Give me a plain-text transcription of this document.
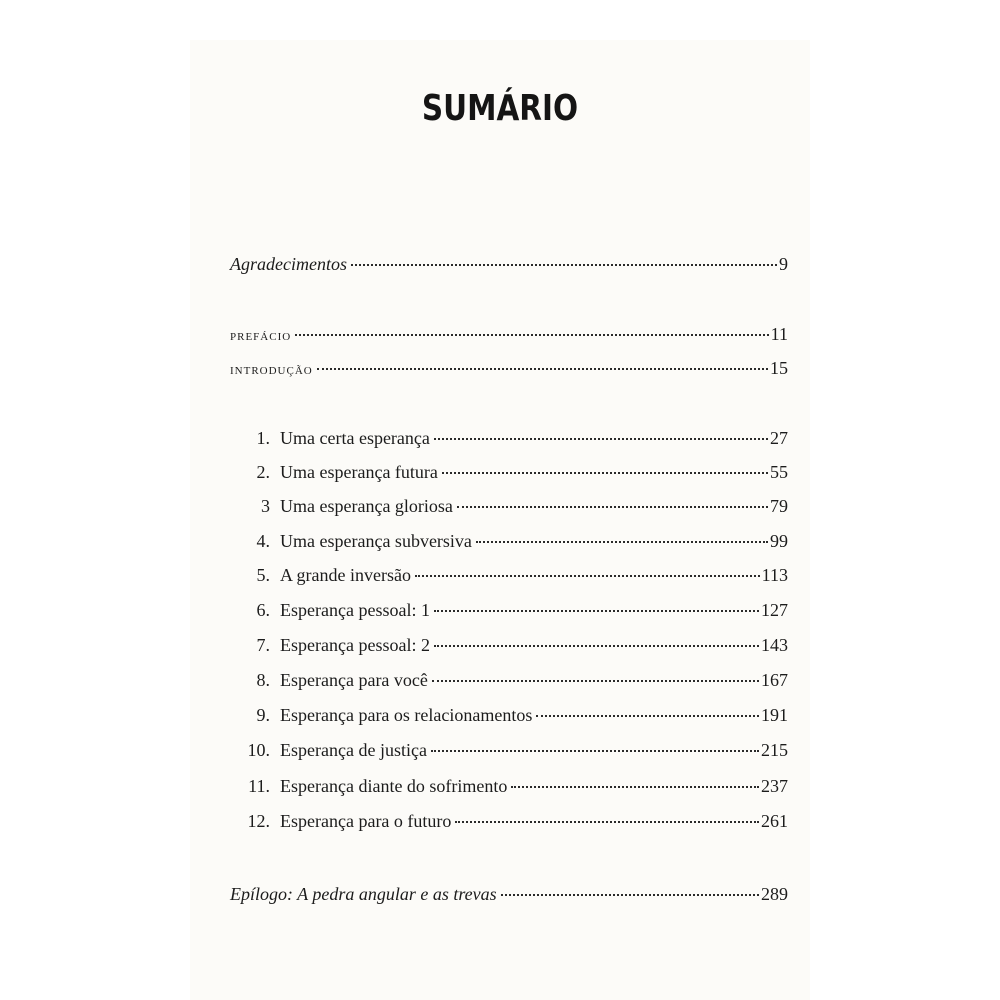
SUMÁRIO
Agradecimentos	9
prefácio	11
introdução	15
1. Uma certa esperança	27
2. Uma esperança futura	55
3 Uma esperança gloriosa	79
4. Uma esperança subversiva	99
5. A grande inversão	113
6. Esperança pessoal: 1	127
7. Esperança pessoal: 2	143
8. Esperança para você	167
9. Esperança para os relacionamentos	191
10. Esperança de justiça	215
11. Esperança diante do sofrimento	237
12. Esperança para o futuro	261
Epílogo: A pedra angular e as trevas	289
